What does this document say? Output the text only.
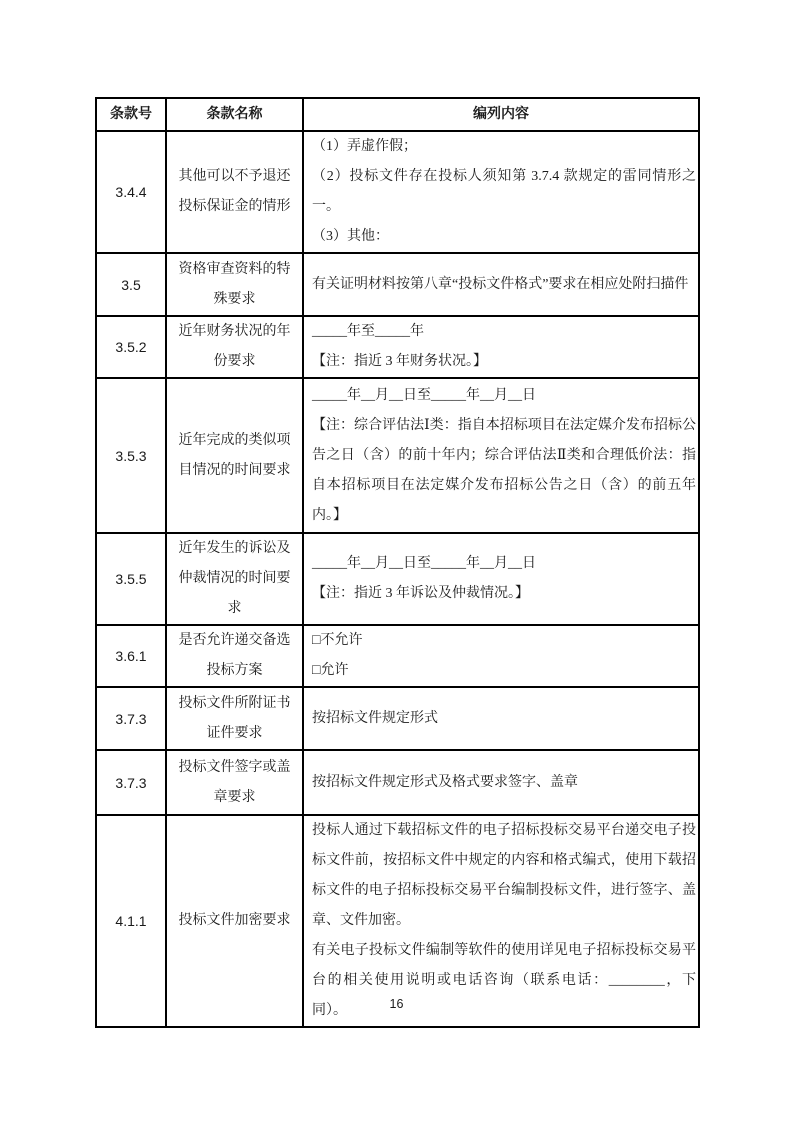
条款号	条款名称	编列内容
3.4.4	其他可以不予退还投标保证金的情形	（1）弄虚作假；
（2）投标文件存在投标人须知第 3.7.4 款规定的雷同情形之一。
（3）其他：

3.5	资格审查资料的特殊要求	有关证明材料按第八章“投标文件格式”要求在相应处附扫描件

3.5.2	近年财务状况的年份要求	_____年至_____年
【注：指近 3 年财务状况。】

3.5.3	近年完成的类似项目情况的时间要求	_____年__月__日至_____年__月__日
【注：综合评估法Ⅰ类：指自本招标项目在法定媒介发布招标公告之日（含）的前十年内；综合评估法Ⅱ类和合理低价法：指自本招标项目在法定媒介发布招标公告之日（含）的前五年内。】

3.5.5	近年发生的诉讼及仲裁情况的时间要求	_____年__月__日至_____年__月__日
【注：指近 3 年诉讼及仲裁情况。】

3.6.1	是否允许递交备选投标方案	□不允许
□允许

3.7.3	投标文件所附证书证件要求	按招标文件规定形式

3.7.3	投标文件签字或盖章要求	按招标文件规定形式及格式要求签字、盖章

4.1.1	投标文件加密要求	投标人通过下载招标文件的电子招标投标交易平台递交电子投标文件前，按招标文件中规定的内容和格式编式，使用下载招标文件的电子招标投标交易平台编制投标文件，进行签字、盖章、文件加密。
有关电子投标文件编制等软件的使用详见电子招标投标交易平台的相关使用说明或电话咨询（联系电话：________，下同）。	16
